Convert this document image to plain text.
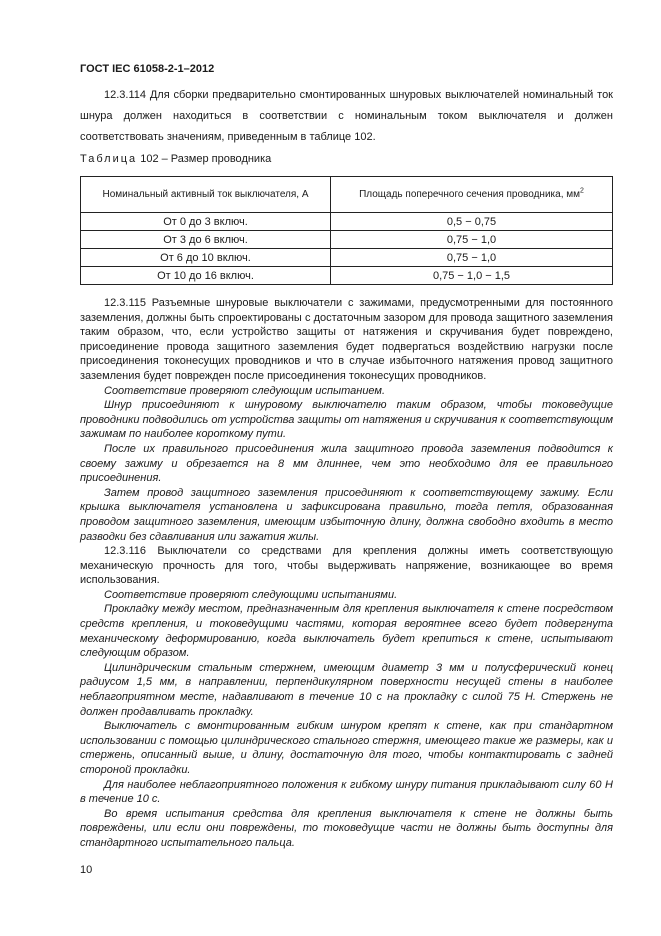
ГОСТ IEC 61058-2-1–2012

12.3.114 Для сборки предварительно смонтированных шнуровых выключателей номинальный ток шнура должен находиться в соответствии с номинальным током выключателя и должен соответствовать значениям, приведенным в таблице 102.

Таблица 102 – Размер проводника
Номинальный активный ток выключателя, А	Площадь поперечного сечения проводника, $мм^2$
От 0 до 3 включ.	0,5 − 0,75
От 3 до 6 включ.	0,75 − 1,0
От 6 до 10 включ.	0,75 − 1,0
От 10 до 16 включ.	0,75 − 1,0 − 1,5

12.3.115 Разъемные шнуровые выключатели с зажимами, предусмотренными для постоянного заземления, должны быть спроектированы с достаточным зазором для провода защитного заземления таким образом, что, если устройство защиты от натяжения и скручивания будет повреждено, присоединение провода защитного заземления будет подвергаться воздействию нагрузки после присоединения токонесущих проводников и что в случае избыточного натяжения провод защитного заземления будет поврежден после присоединения токонесущих проводников.

Соответствие проверяют следующим испытанием.

Шнур присоединяют к шнуровому выключателю таким образом, чтобы токоведущие проводники подводились от устройства защиты от натяжения и скручивания к соответствующим зажимам по наиболее короткому пути.

После их правильного присоединения жила защитного провода заземления подводится к своему зажиму и обрезается на 8 мм длиннее, чем это необходимо для ее правильного присоединения.

Затем провод защитного заземления присоединяют к соответствующему зажиму. Если крышка выключателя установлена и зафиксирована правильно, тогда петля, образованная проводом защитного заземления, имеющим избыточную длину, должна свободно входить в место разводки без сдавливания или зажатия жилы.

12.3.116 Выключатели со средствами для крепления должны иметь соответствующую механическую прочность для того, чтобы выдерживать напряжение, возникающее во время использования.

Соответствие проверяют следующими испытаниями.

Прокладку между местом, предназначенным для крепления выключателя к стене посредством средств крепления, и токоведущими частями, которая вероятнее всего будет подвергнута механическому деформированию, когда выключатель будет крепиться к стене, испытывают следующим образом.

Цилиндрическим стальным стержнем, имеющим диаметр 3 мм и полусферический конец радиусом 1,5 мм, в направлении, перпендикулярном поверхности несущей стены в наиболее неблагоприятном месте, надавливают в течение 10 с на прокладку с силой 75 Н. Стержень не должен продавливать прокладку.

Выключатель с вмонтированным гибким шнуром крепят к стене, как при стандартном использовании с помощью цилиндрического стального стержня, имеющего такие же размеры, как и стержень, описанный выше, и длину, достаточную для того, чтобы контактировать с задней стороной прокладки.

Для наиболее неблагоприятного положения к гибкому шнуру питания прикладывают силу 60 Н в течение 10 с.

Во время испытания средства для крепления выключателя к стене не должны быть повреждены, или если они повреждены, то токоведущие части не должны быть доступны для стандартного испытательного пальца.

10
